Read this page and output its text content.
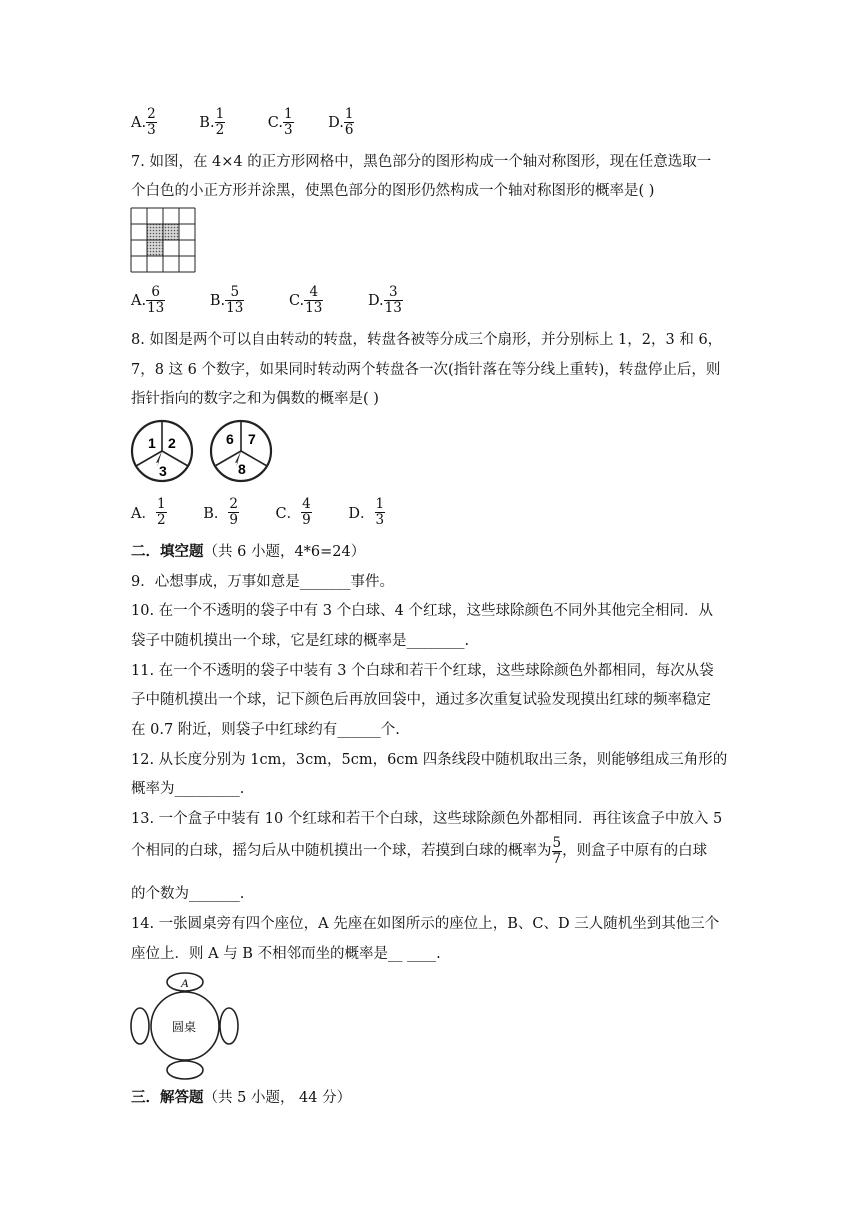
A. $\frac{2}{3}$	B. $\frac{1}{2}$	C. $\frac{1}{3} D$. $\frac{1}{6}$
7. 如图，在 4×4 的正方形网格中，黑色部分的图形构成一个轴对称图形，现在任意选取一
个白色的小正方形并涂黑，使黑色部分的图形仍然构成一个轴对称图形的概率是( )
A. $\frac{6}{13}$	B. $\frac{5}{13}$	C. $\frac{4}{13}$	D. $\frac{3}{13}$
8. 如图是两个可以自由转动的转盘，转盘各被等分成三个扇形，并分别标上 1，2，3 和 6，
7，8 这 6 个数字，如果同时转动两个转盘各一次(指针落在等分线上重转)，转盘停止后，则
指针指向的数字之和为偶数的概率是( )
1 2
3
6 7
8
A． $\frac{1}{2}$	B． $\frac{2}{9}$	C． $\frac{4}{9}$	D． $\frac{1}{3}$
二．填空题（共 6 小题，4*6=24）
9．心想事成，万事如意是_______事件。
10. 在一个不透明的袋子中有 3 个白球、4 个红球，这些球除颜色不同外其他完全相同．从
袋子中随机摸出一个球，它是红球的概率是________.
11. 在一个不透明的袋子中装有 3 个白球和若干个红球，这些球除颜色外都相同，每次从袋
子中随机摸出一个球，记下颜色后再放回袋中，通过多次重复试验发现摸出红球的频率稳定
在 0.7 附近，则袋子中红球约有______个.
12. 从长度分别为 1cm，3cm，5cm，6cm 四条线段中随机取出三条，则能够组成三角形的
概率为_________.
13. 一个盒子中装有 10 个红球和若干个白球，这些球除颜色外都相同．再往该盒子中放入 5
个相同的白球，摇匀后从中随机摸出一个球，若摸到白球的概率为 $\frac{5}{7}$ ，则盒子中原有的白球
的个数为_______.
14. 一张圆桌旁有四个座位，A 先座在如图所示的座位上，B、C、D 三人随机坐到其他三个
座位上．则 A 与 B 不相邻而坐的概率是__ ____.
A
圆桌
三．解答题（共 5 小题， 44 分）
